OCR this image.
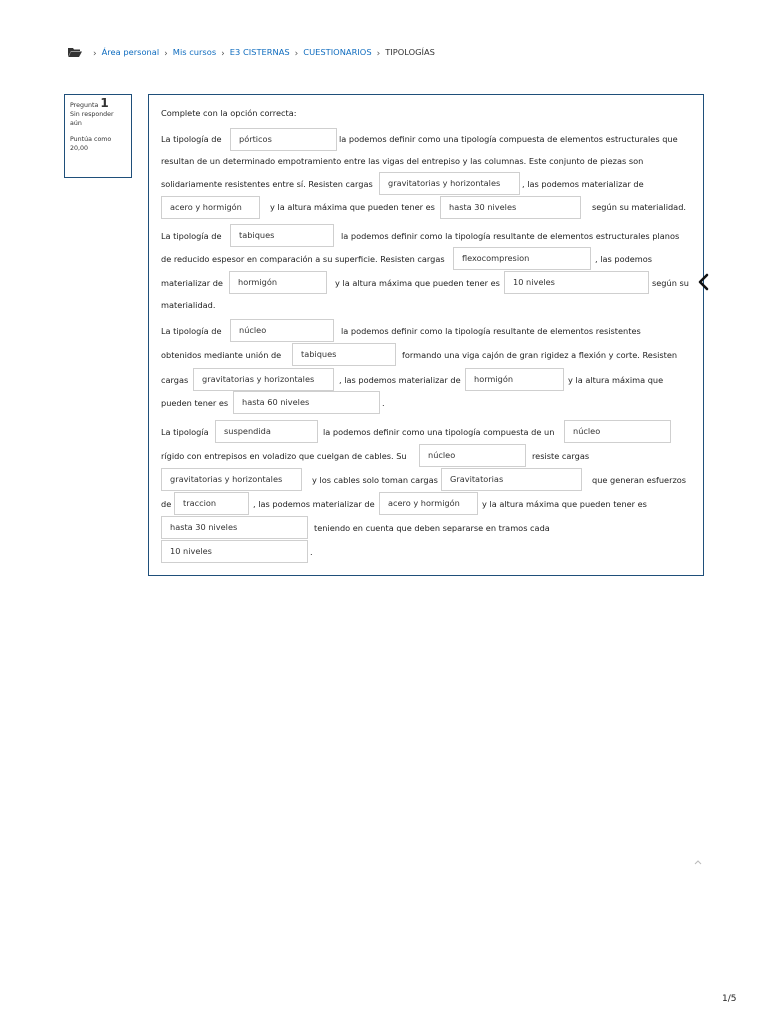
› Área personal › Mis cursos › E3 CISTERNAS › CUESTIONARIOS › TIPOLOGÍAS

Pregunta 1

Sin responder aún

Puntúa como

20,00

Complete con la opción correcta:
La tipología de	pórticos	la podemos definir como una tipología compuesta de elementos estructurales que
resultan de un determinado empotramiento entre las vigas del entrepiso y las columnas. Este conjunto de piezas son
solidariamente resistentes entre sí. Resisten cargas	gravitatorias y horizontales	, las podemos materializar de
acero y hormigón	y la altura máxima que pueden tener es	hasta 30 niveles	según su materialidad.
La tipología de	tabiques	la podemos definir como la tipología resultante de elementos estructurales planos
de reducido espesor en comparación a su superficie. Resisten cargas	flexocompresion	, las podemos
materializar de	hormigón	y la altura máxima que pueden tener es	10 niveles	según su
materialidad.
La tipología de	núcleo	la podemos definir como la tipología resultante de elementos resistentes
obtenidos mediante unión de	tabiques	formando una viga cajón de gran rigidez a flexión y corte. Resisten
cargas	gravitatorias y horizontales	, las podemos materializar de	hormigón	y la altura máxima que
pueden tener es	hasta 60 niveles	.
La tipología	suspendida	la podemos definir como una tipología compuesta de un	núcleo
rígido con entrepisos en voladizo que cuelgan de cables. Su	núcleo	resiste cargas
gravitatorias y horizontales	y los cables solo toman cargas	Gravitatorias	que generan esfuerzos
de	traccion	, las podemos materializar de	acero y hormigón	y la altura máxima que pueden tener es
hasta 30 niveles	teniendo en cuenta que deben separarse en tramos cada
10 niveles	.
1/5
